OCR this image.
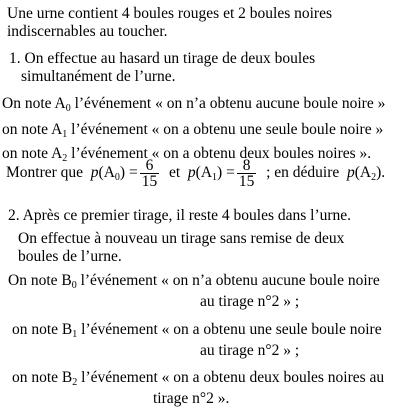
Une urne contient 4 boules rouges et 2 boules noires
indiscernables au toucher.
1. On effectue au hasard un tirage de deux boules
simultanément de l’urne.
On note $A_0$ l’événement « on n’a obtenu aucune boule noire »
on note $A_1$ l’événement « on a obtenu une seule boule noire »
on note $A_2$ l’événement « on a obtenu deux boules noires ».
Montrer que $p(A_0) = \frac{6}{15}$ et $p(A_1) = \frac{8}{15}$ ; en déduire $p(A_2)$.
2. Après ce premier tirage, il reste 4 boules dans l’urne.
On effectue à nouveau un tirage sans remise de deux
boules de l’urne.
On note $B_0$ l’événement « on n’a obtenu aucune boule noire
au tirage n°2 » ;
on note $B_1$ l’événement « on a obtenu une seule boule noire
au tirage n°2 » ;
on note $B_2$ l’événement « on a obtenu deux boules noires au
tirage n°2 ».
